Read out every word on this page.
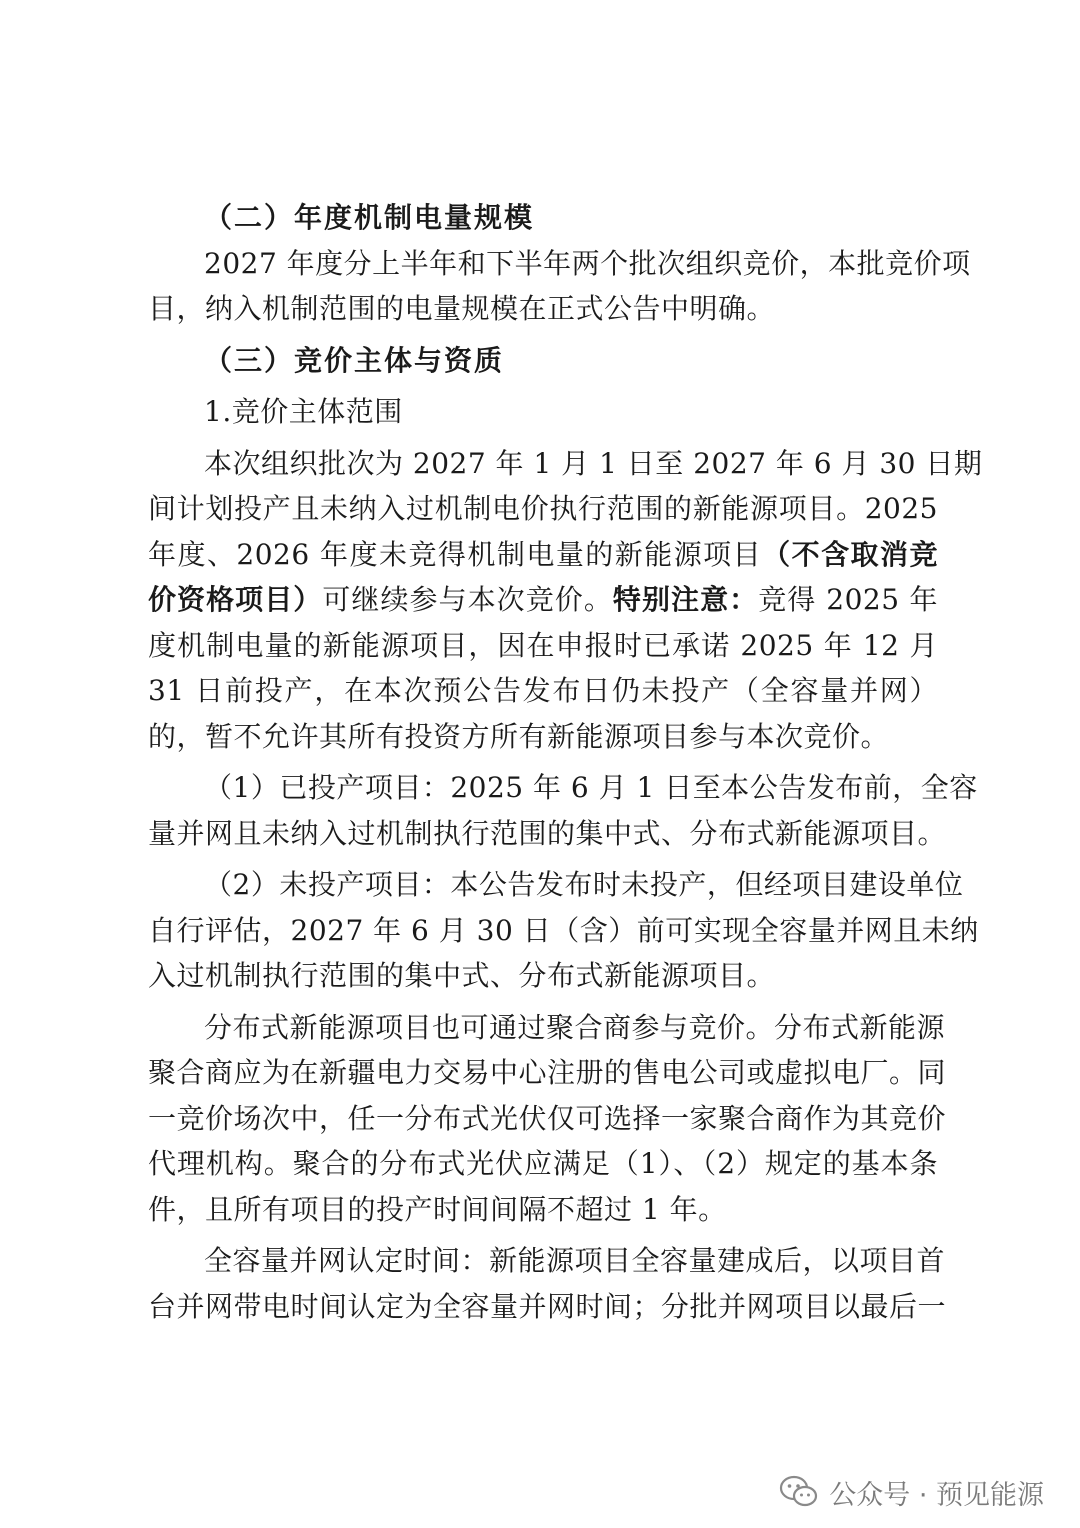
（二）年度机制电量规模
2027 年度分上半年和下半年两个批次组织竞价，本批竞价项
目，纳入机制范围的电量规模在正式公告中明确。
（三）竞价主体与资质
1.竞价主体范围
本次组织批次为 2027 年 1 月 1 日至 2027 年 6 月 30 日期
间计划投产且未纳入过机制电价执行范围的新能源项目。2025
年度、2026 年度未竞得机制电量的新能源项目（不含取消竞
价资格项目）可继续参与本次竞价。特别注意：竞得 2025 年
度机制电量的新能源项目，因在申报时已承诺 2025 年 12 月
31 日前投产，在本次预公告发布日仍未投产（全容量并网）
的，暂不允许其所有投资方所有新能源项目参与本次竞价。
（1）已投产项目：2025 年 6 月 1 日至本公告发布前，全容
量并网且未纳入过机制执行范围的集中式、分布式新能源项目。
（2）未投产项目：本公告发布时未投产，但经项目建设单位
自行评估，2027 年 6 月 30 日（含）前可实现全容量并网且未纳
入过机制执行范围的集中式、分布式新能源项目。
分布式新能源项目也可通过聚合商参与竞价。分布式新能源
聚合商应为在新疆电力交易中心注册的售电公司或虚拟电厂。同
一竞价场次中，任一分布式光伏仅可选择一家聚合商作为其竞价
代理机构。聚合的分布式光伏应满足（1）、（2）规定的基本条
件，且所有项目的投产时间间隔不超过 1 年。
全容量并网认定时间：新能源项目全容量建成后，以项目首
台并网带电时间认定为全容量并网时间；分批并网项目以最后一
公众号 · 预见能源
